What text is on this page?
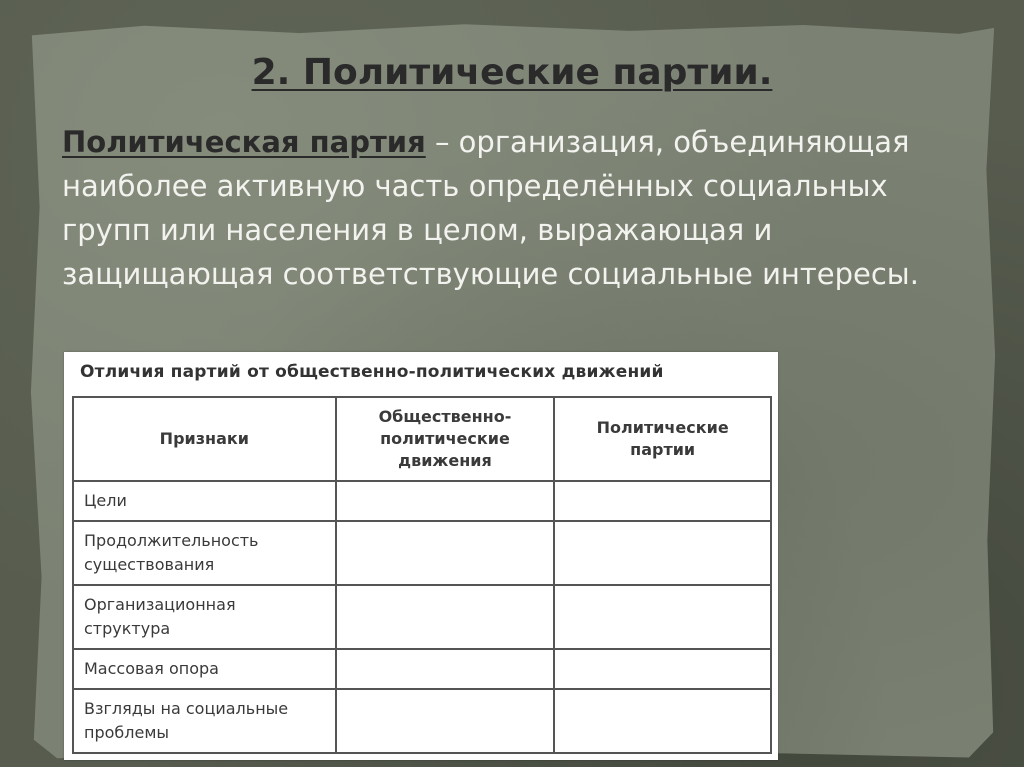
2. Политические партии.

Политическая партия – организация, объединяющая наиболее активную часть определённых социальных групп или населения в целом, выражающая и защищающая соответствующие социальные интересы.

Отличия партий от общественно-политических движений

Признаки	Общественно-политические движения	Политические партии
Цели		
Продолжительность существования		
Организационная структура		
Массовая опора		
Взгляды на социальные проблемы		
